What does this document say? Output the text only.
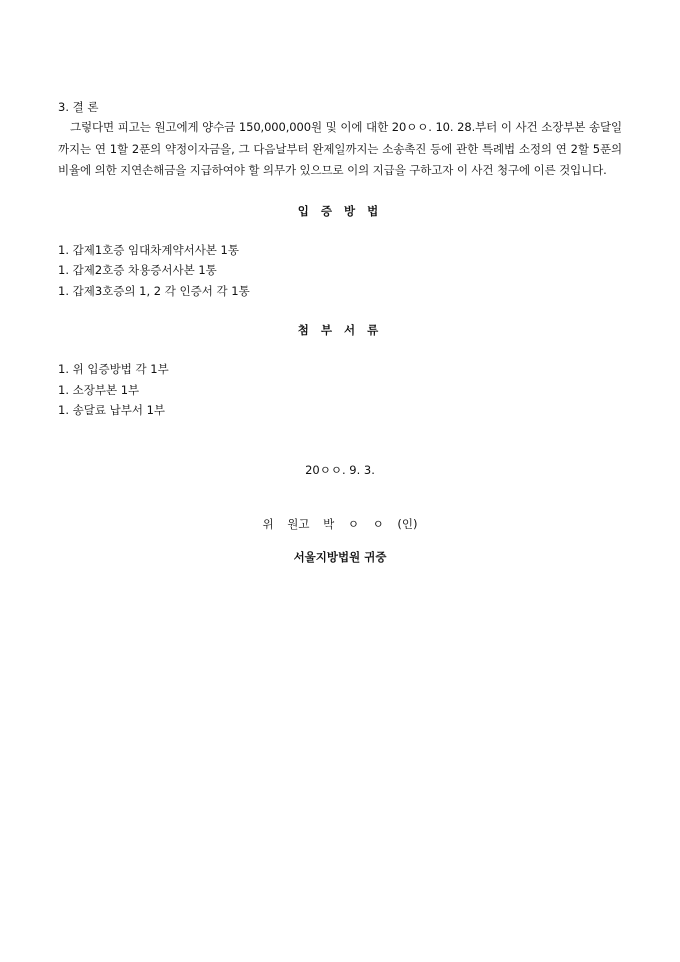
3. 결 론

그렇다면 피고는 원고에게 양수금 150,000,000원 및 이에 대한 20ㅇㅇ. 10. 28.부터 이 사건 소장부본 송달일까지는 연 1할 2푼의 약정이자금을, 그 다음날부터 완제일까지는 소송촉진 등에 관한 특례법 소정의 연 2할 5푼의 비율에 의한 지연손해금을 지급하여야 할 의무가 있으므로 이의 지급을 구하고자 이 사건 청구에 이른 것입니다.

입 증 방 법
1. 갑제1호증 임대차계약서사본 1통
1. 갑제2호증 차용증서사본 1통
1. 갑제3호증의 1, 2 각 인증서 각 1통
첨 부 서 류
1. 위 입증방법 각 1부
1. 소장부본 1부
1. 송달료 납부서 1부
20ㅇㅇ. 9. 3.
위 원고 박 ㅇ ㅇ (인)
서울지방법원 귀중
